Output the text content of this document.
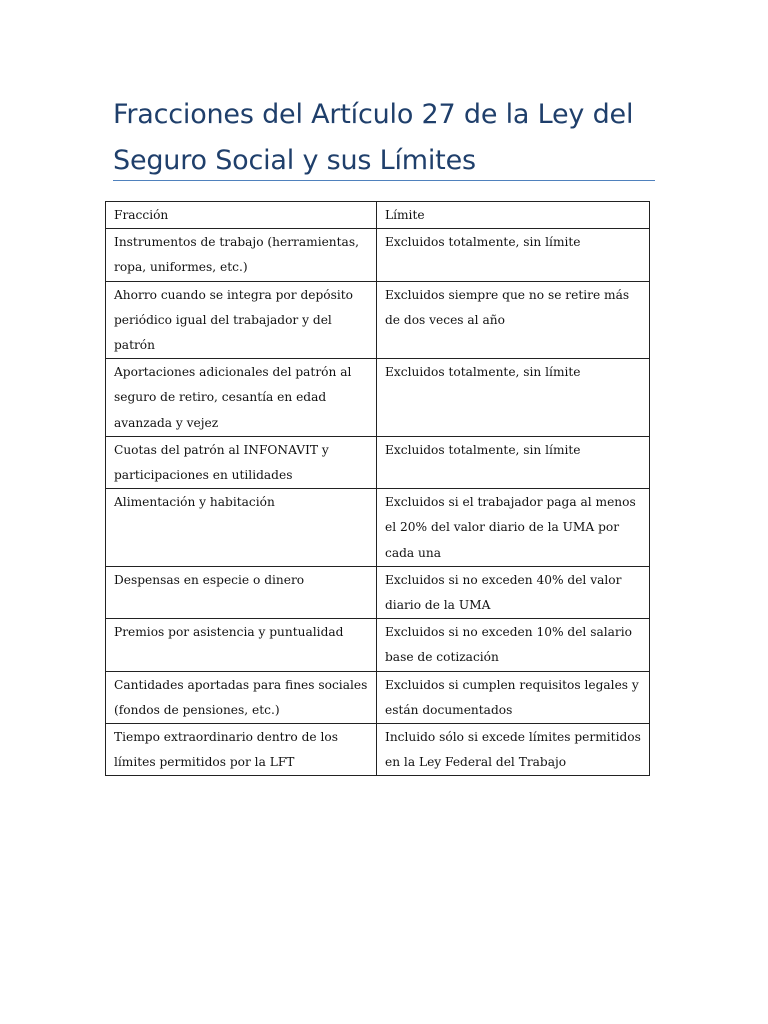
Fracciones del Artículo 27 de la Ley del Seguro Social y sus Límites
Fracción	Límite
Instrumentos de trabajo (herramientas, ropa, uniformes, etc.)	Excluidos totalmente, sin límite
Ahorro cuando se integra por depósito periódico igual del trabajador y del patrón	Excluidos siempre que no se retire más de dos veces al año
Aportaciones adicionales del patrón al seguro de retiro, cesantía en edad avanzada y vejez	Excluidos totalmente, sin límite
Cuotas del patrón al INFONAVIT y participaciones en utilidades	Excluidos totalmente, sin límite
Alimentación y habitación	Excluidos si el trabajador paga al menos el 20% del valor diario de la UMA por cada una
Despensas en especie o dinero	Excluidos si no exceden 40% del valor diario de la UMA
Premios por asistencia y puntualidad	Excluidos si no exceden 10% del salario base de cotización
Cantidades aportadas para fines sociales (fondos de pensiones, etc.)	Excluidos si cumplen requisitos legales y están documentados
Tiempo extraordinario dentro de los límites permitidos por la LFT	Incluido sólo si excede límites permitidos en la Ley Federal del Trabajo
